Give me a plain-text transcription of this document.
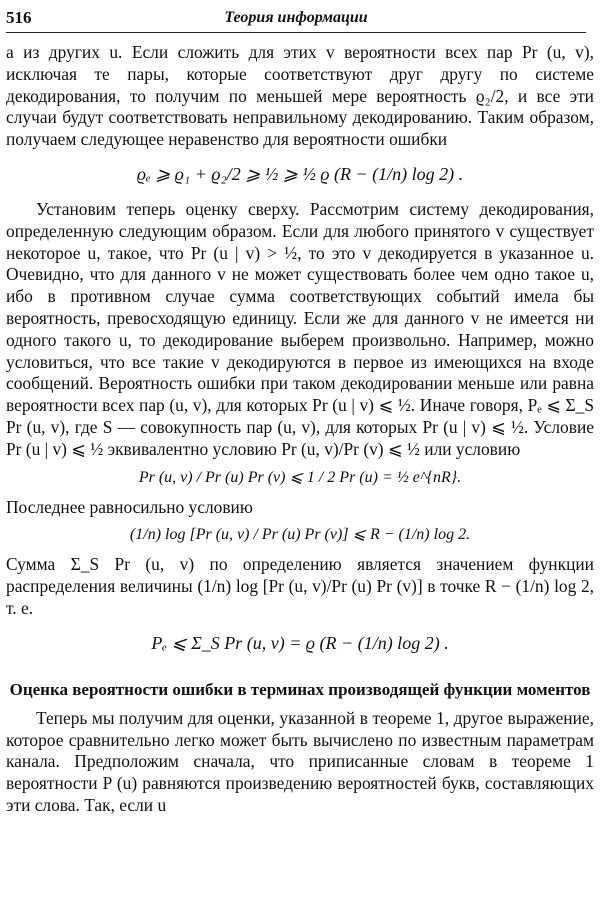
516	Теория информации

а из других u. Если сложить для этих v вероятности всех пар Pr (u, v), исключая те пары, которые соответствуют друг другу по системе декодирования, то получим по меньшей мере вероятность ϱ₂/2, и все эти случаи будут соответствовать неправильному декодированию. Таким образом, получаем следующее неравенство для вероятности ошибки

ϱₑ ⩾ ϱ₁ + ϱ₂/2 ⩾ ½ ⩾ ½ ϱ (R − (1/n) log 2) .

Установим теперь оценку сверху. Рассмотрим систему декодирования, определенную следующим образом. Если для любого принятого v существует некоторое u, такое, что Pr (u | v) > ½, то это v декодируется в указанное u. Очевидно, что для данного v не может существовать более чем одно такое u, ибо в противном случае сумма соответствующих событий имела бы вероятность, превосходящую единицу. Если же для данного v не имеется ни одного такого u, то декодирование выберем произвольно. Например, можно условиться, что все такие v декодируются в первое из имеющихся на входе сообщений. Вероятность ошибки при таком декодировании меньше или равна вероятности всех пар (u, v), для которых Pr (u | v) ⩽ ½. Иначе говоря, Pₑ ⩽ Σ_S Pr (u, v), где S — совокупность пар (u, v), для которых Pr (u | v) ⩽ ½. Условие Pr (u | v) ⩽ ½ эквивалентно условию Pr (u, v)/Pr (v) ⩽ ½ или условию

Pr (u, v) / Pr (u) Pr (v) ⩽ 1 / 2 Pr (u) = ½ e^{nR}.

Последнее равносильно условию

(1/n) log [Pr (u, v) / Pr (u) Pr (v)] ⩽ R − (1/n) log 2.

Сумма Σ_S Pr (u, v) по определению является значением функции распределения величины (1/n) log [Pr (u, v)/Pr (u) Pr (v)] в точке R − (1/n) log 2, т. е.

Pₑ ⩽ Σ_S Pr (u, v) = ϱ (R − (1/n) log 2) .
Оценка вероятности ошибки в терминах производящей функции моментов

Теперь мы получим для оценки, указанной в теореме 1, другое выражение, которое сравнительно легко может быть вычислено по известным параметрам канала. Предположим сначала, что приписанные словам в теореме 1 вероятности P (u) равняются произведению вероятностей букв, составляющих эти слова. Так, если u
